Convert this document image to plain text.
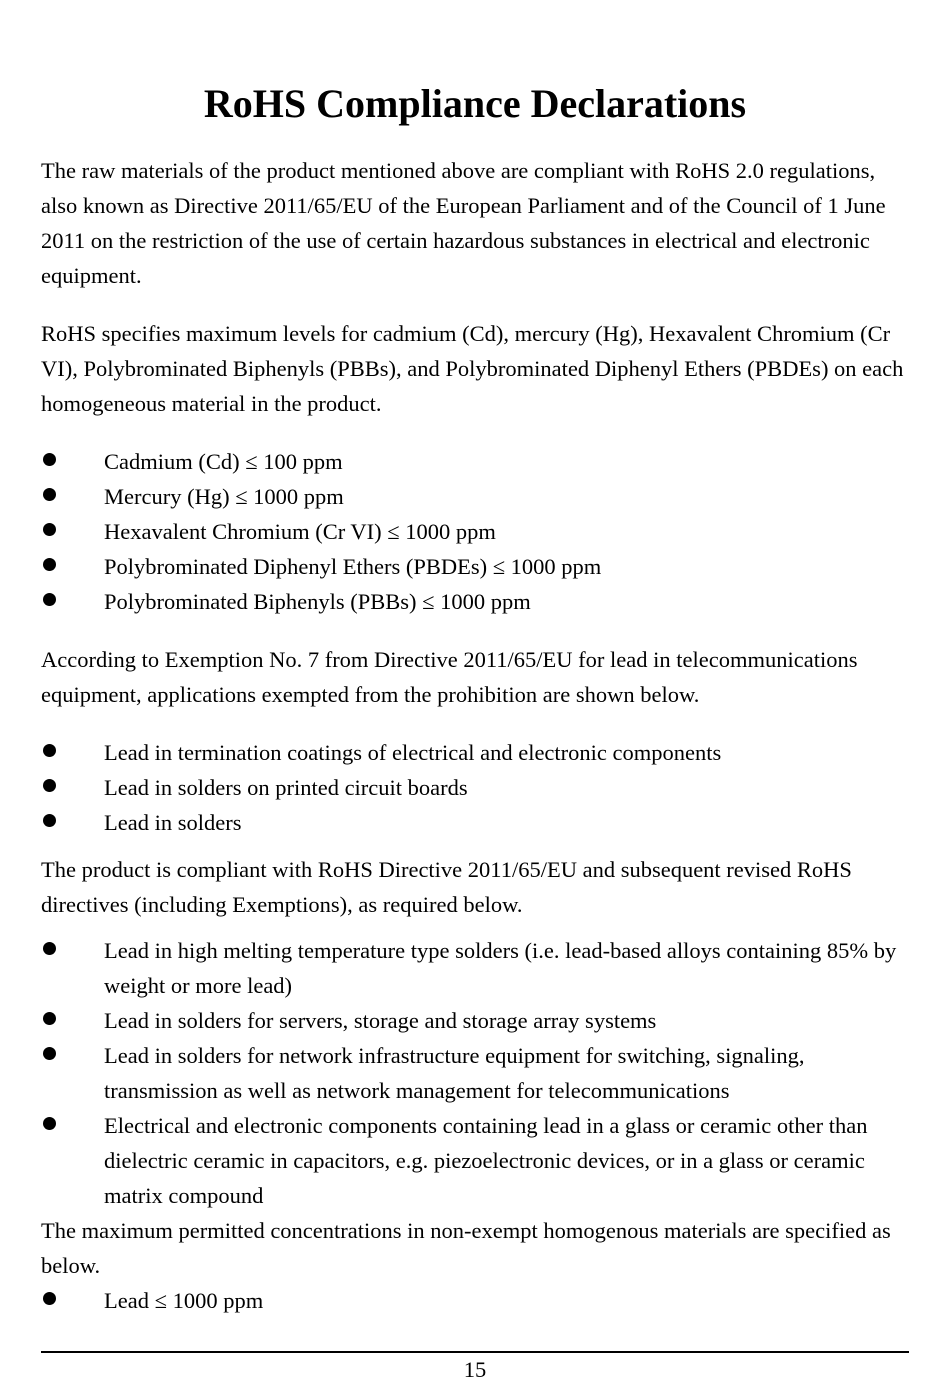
RoHS Compliance Declarations

The raw materials of the product mentioned above are compliant with RoHS 2.0 regulations, also known as Directive 2011/65/EU of the European Parliament and of the Council of 1 June 2011 on the restriction of the use of certain hazardous substances in electrical and electronic equipment.

RoHS specifies maximum levels for cadmium (Cd), mercury (Hg), Hexavalent Chromium (Cr VI), Polybrominated Biphenyls (PBBs), and Polybrominated Diphenyl Ethers (PBDEs) on each homogeneous material in the product.

Cadmium (Cd) ≤ 100 ppm
Mercury (Hg) ≤ 1000 ppm
Hexavalent Chromium (Cr VI) ≤ 1000 ppm
Polybrominated Diphenyl Ethers (PBDEs) ≤ 1000 ppm
Polybrominated Biphenyls (PBBs) ≤ 1000 ppm

According to Exemption No. 7 from Directive 2011/65/EU for lead in telecommunications equipment, applications exempted from the prohibition are shown below.

Lead in termination coatings of electrical and electronic components
Lead in solders on printed circuit boards
Lead in solders

The product is compliant with RoHS Directive 2011/65/EU and subsequent revised RoHS directives (including Exemptions), as required below.

Lead in high melting temperature type solders (i.e. lead-based alloys containing 85% by weight or more lead)
Lead in solders for servers, storage and storage array systems
Lead in solders for network infrastructure equipment for switching, signaling, transmission as well as network management for telecommunications
Electrical and electronic components containing lead in a glass or ceramic other than dielectric ceramic in capacitors, e.g. piezoelectronic devices, or in a glass or ceramic matrix compound

The maximum permitted concentrations in non-exempt homogenous materials are specified as below.

Lead ≤ 1000 ppm
15
